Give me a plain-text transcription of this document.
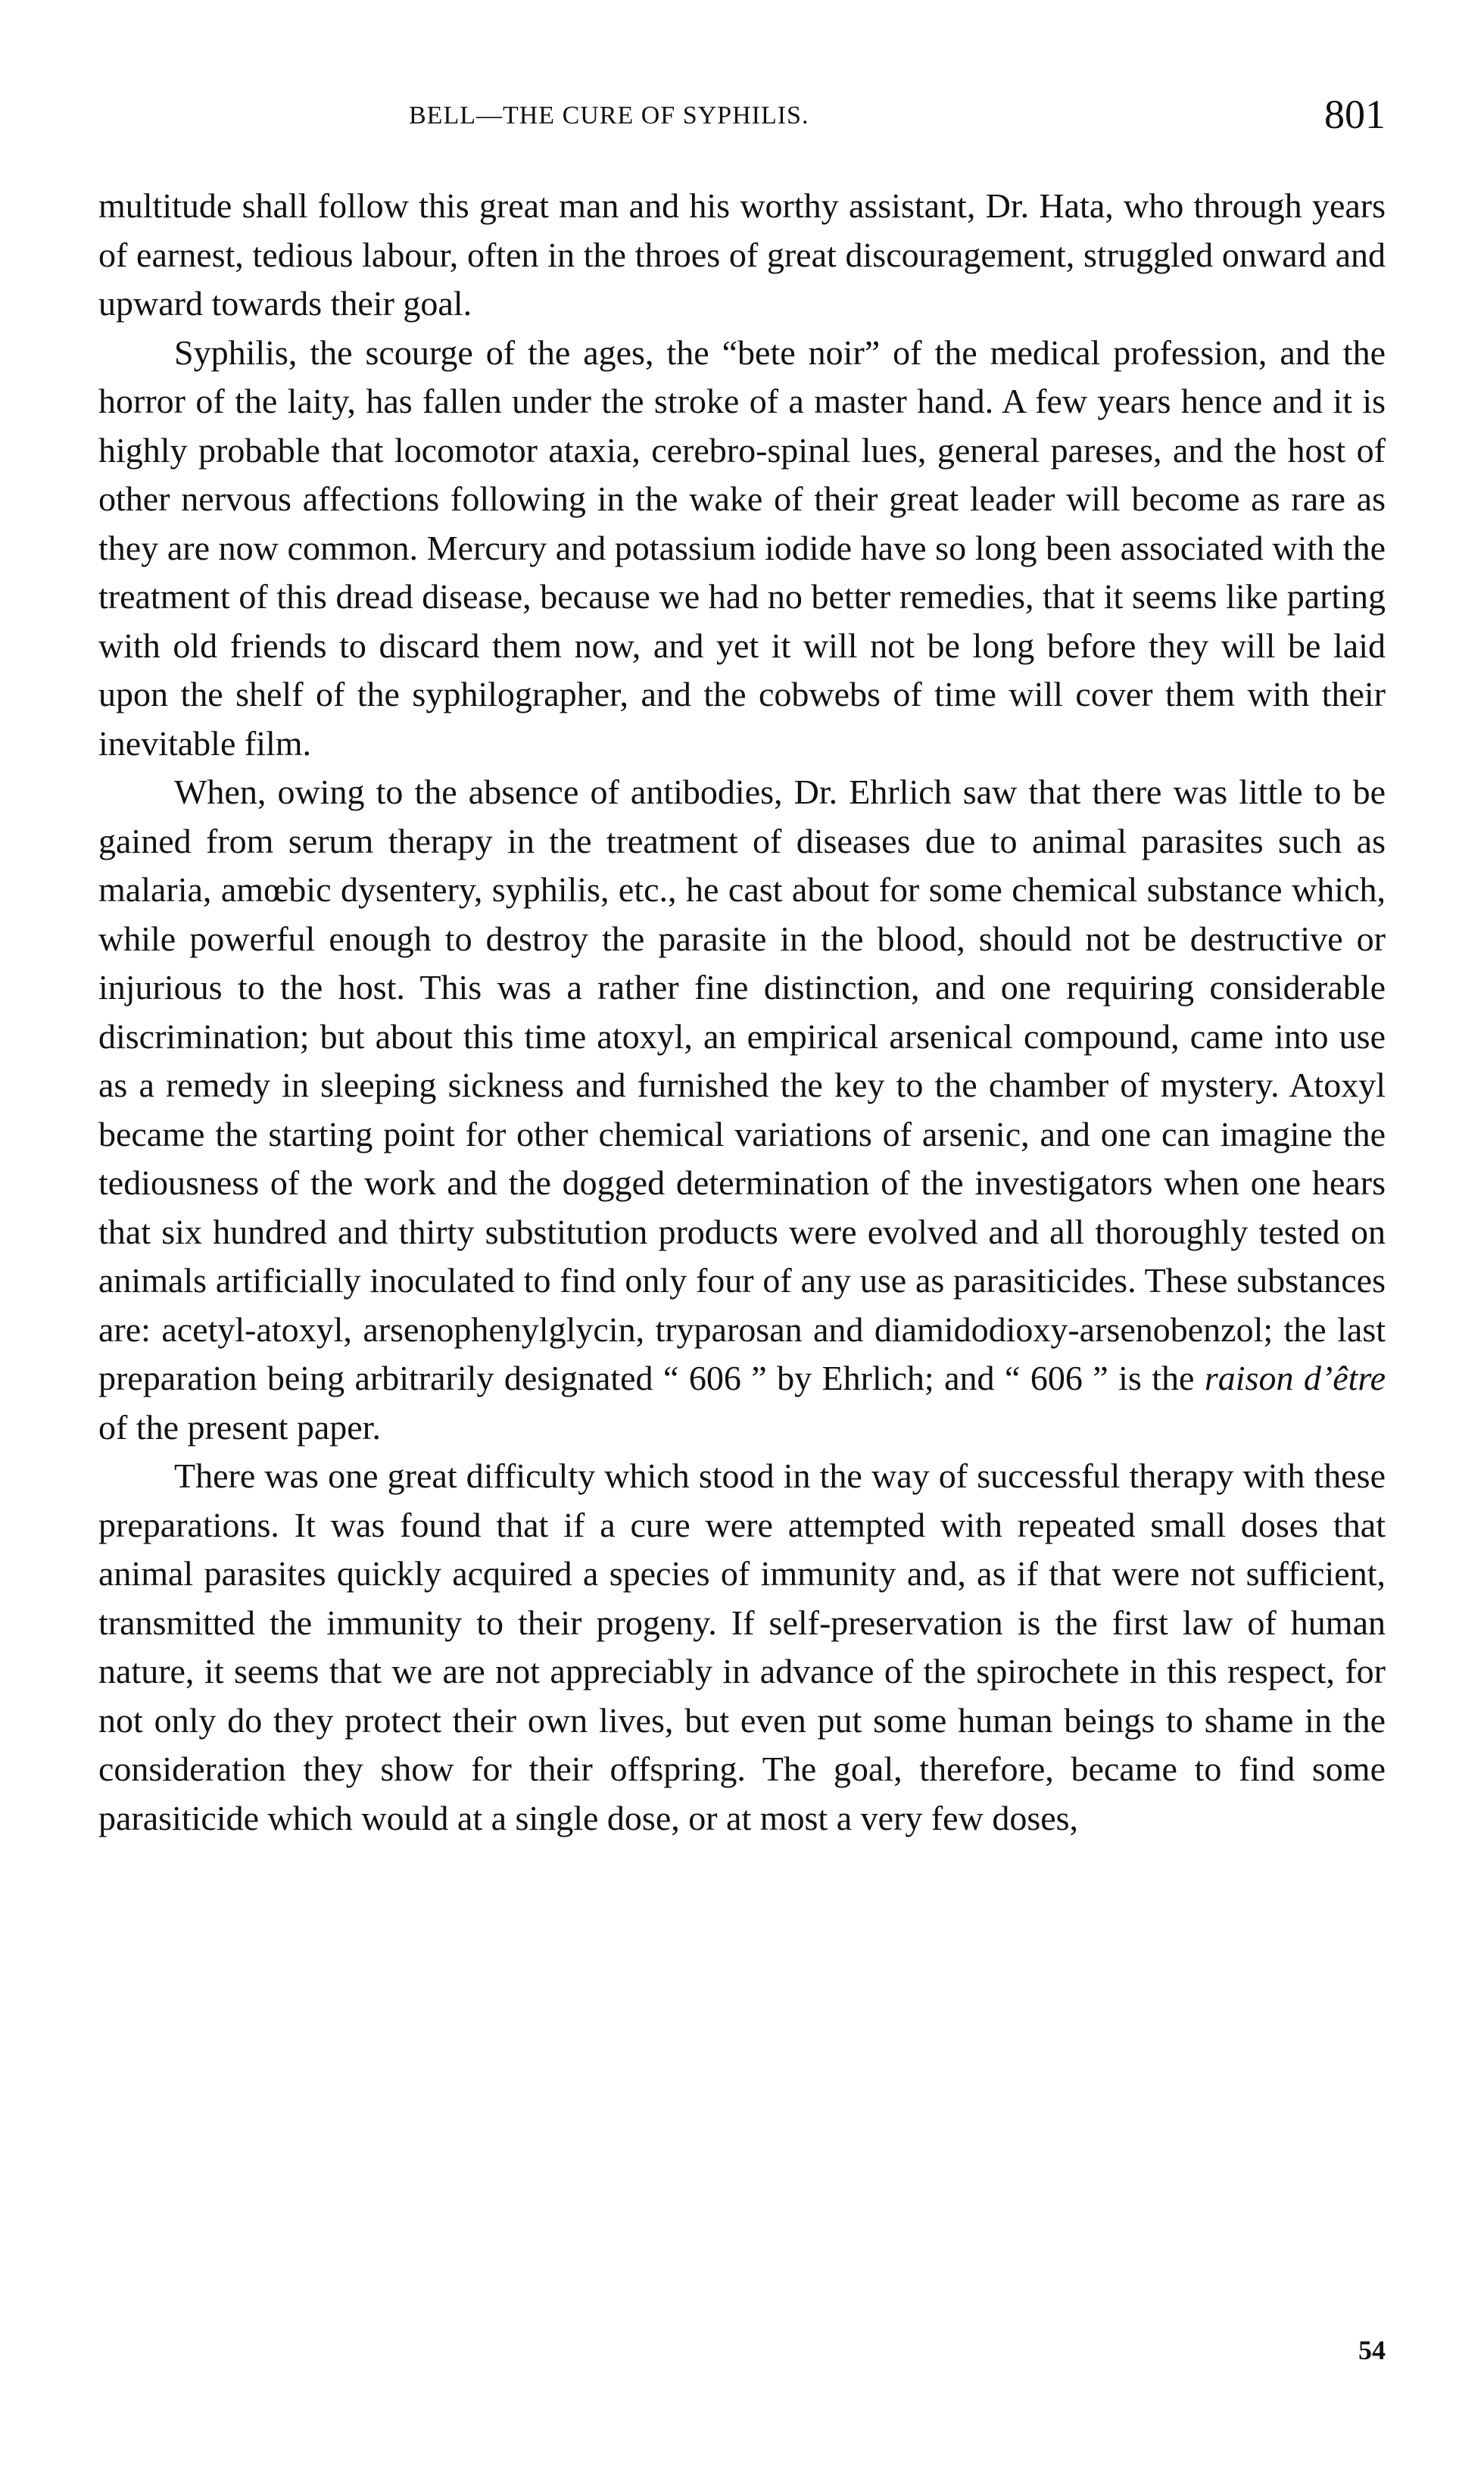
BELL—THE CURE OF SYPHILIS.	801

multitude shall follow this great man and his worthy assistant, Dr. Hata, who through years of earnest, tedious labour, often in the throes of great discouragement, struggled onward and upward towards their goal.

Syphilis, the scourge of the ages, the “bete noir” of the medical profession, and the horror of the laity, has fallen under the stroke of a master hand. A few years hence and it is highly probable that locomotor ataxia, cerebro-spinal lues, general pareses, and the host of other nervous affections following in the wake of their great leader will become as rare as they are now common. Mercury and potassium iodide have so long been associated with the treatment of this dread disease, because we had no better remedies, that it seems like parting with old friends to discard them now, and yet it will not be long before they will be laid upon the shelf of the syphilographer, and the cobwebs of time will cover them with their inevitable film.

When, owing to the absence of antibodies, Dr. Ehrlich saw that there was little to be gained from serum therapy in the treatment of diseases due to animal parasites such as malaria, amœbic dysentery, syphilis, etc., he cast about for some chemical substance which, while powerful enough to destroy the parasite in the blood, should not be destructive or injurious to the host. This was a rather fine distinction, and one requiring considerable discrimination; but about this time atoxyl, an empirical arsenical compound, came into use as a remedy in sleeping sickness and furnished the key to the chamber of mystery. Atoxyl became the starting point for other chemical variations of arsenic, and one can imagine the tediousness of the work and the dogged determination of the investigators when one hears that six hundred and thirty substitution products were evolved and all thoroughly tested on animals artificially inoculated to find only four of any use as parasiticides. These substances are: acetyl-atoxyl, arsenophenylglycin, tryparosan and diamidodioxy-arsenobenzol; the last preparation being arbitrarily designated “ 606 ” by Ehrlich; and “ 606 ” is the raison d’être of the present paper.

There was one great difficulty which stood in the way of successful therapy with these preparations. It was found that if a cure were attempted with repeated small doses that animal parasites quickly acquired a species of immunity and, as if that were not sufficient, transmitted the immunity to their progeny. If self-preservation is the first law of human nature, it seems that we are not appreciably in advance of the spirochete in this respect, for not only do they protect their own lives, but even put some human beings to shame in the consideration they show for their offspring. The goal, therefore, became to find some parasiticide which would at a single dose, or at most a very few doses,

54
